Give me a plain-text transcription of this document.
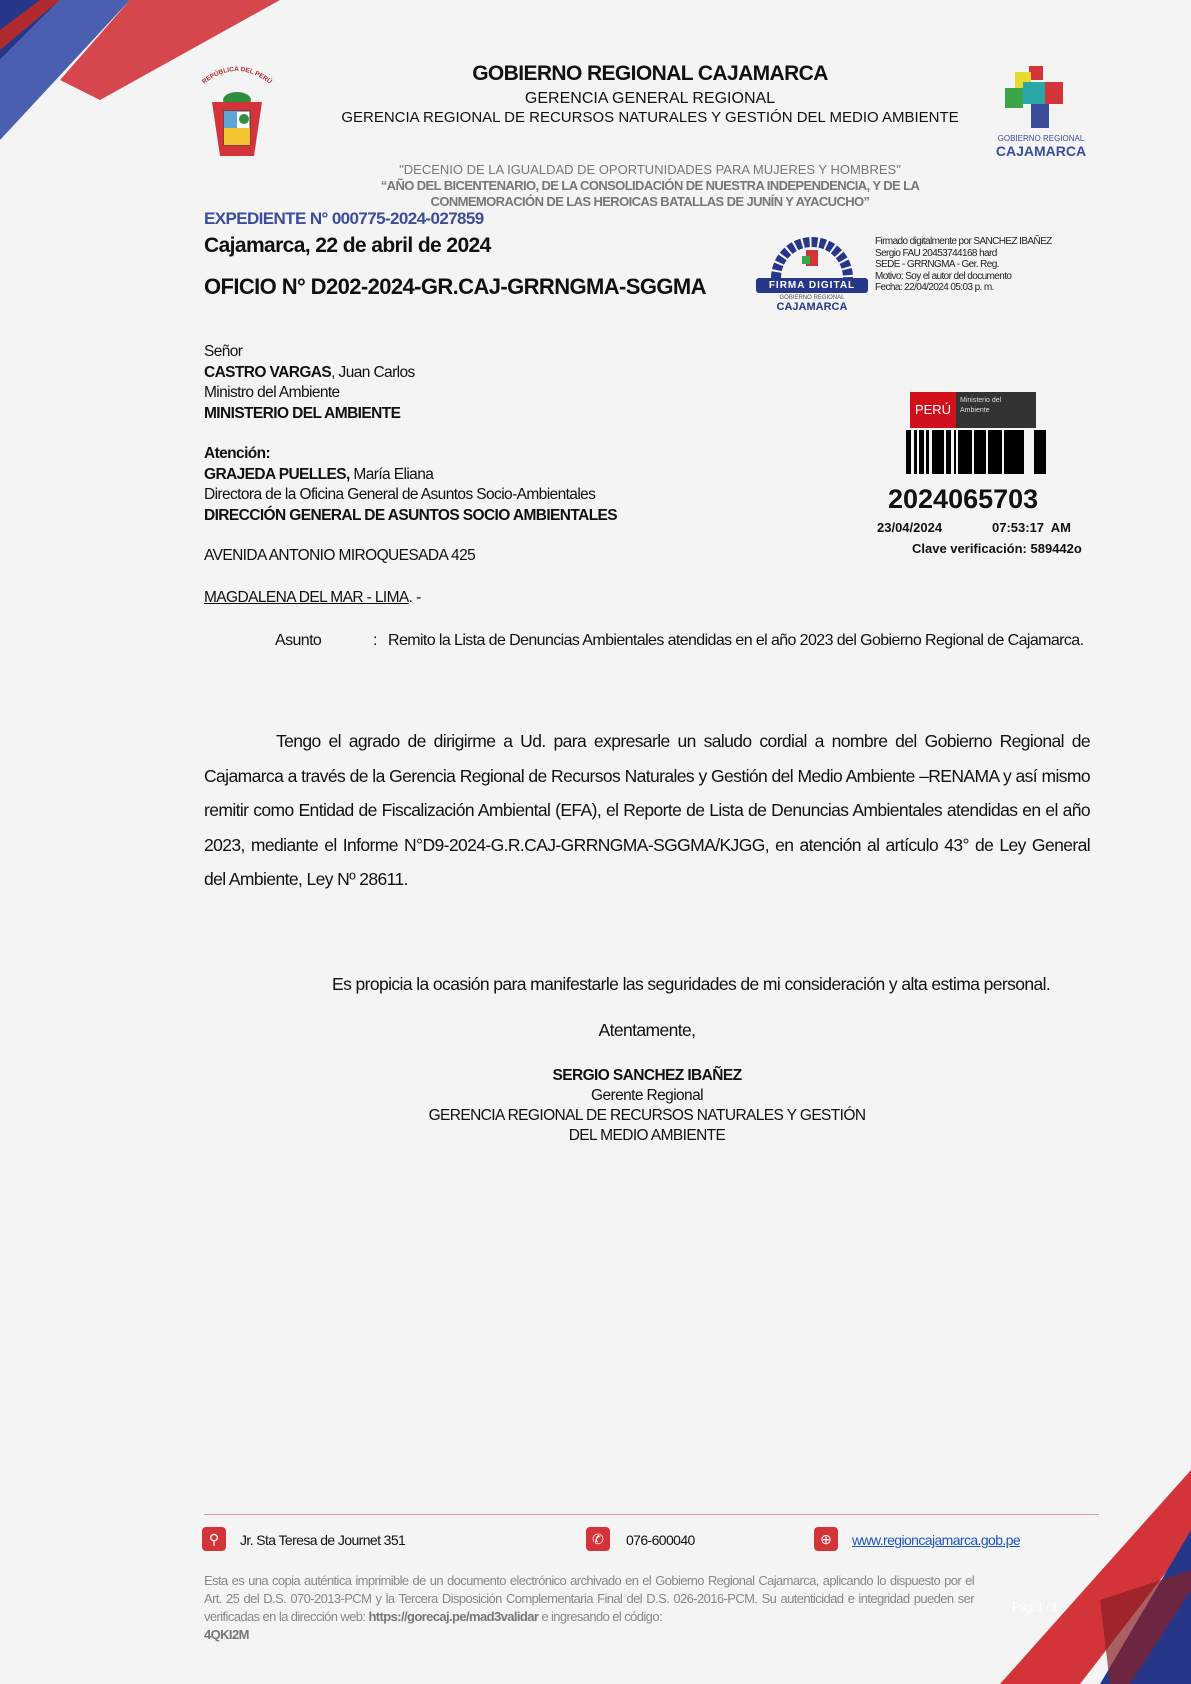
REPÚBLICA DEL PERÚ	GOBIERNO REGIONAL CAJAMARCA
GERENCIA GENERAL REGIONAL
GERENCIA REGIONAL DE RECURSOS NATURALES Y GESTIÓN DEL MEDIO AMBIENTE
GOBIERNO REGIONAL
CAJAMARCA
"DECENIO DE LA IGUALDAD DE OPORTUNIDADES PARA MUJERES Y HOMBRES"
“AÑO DEL BICENTENARIO, DE LA CONSOLIDACIÓN DE NUESTRA INDEPENDENCIA, Y DE LA
CONMEMORACIÓN DE LAS HEROICAS BATALLAS DE JUNÍN Y AYACUCHO”
EXPEDIENTE N° 000775-2024-027859
Cajamarca, 22 de abril de 2024
OFICIO N° D202-2024-GR.CAJ-GRRNGMA-SGGMA	FIRMA DIGITAL
GOBIERNO REGIONAL
CAJAMARCA
Firmado digitalmente por SANCHEZ IBAÑEZ
Sergio FAU 20453744168 hard
SEDE - GRRNGMA - Ger. Reg.
Motivo: Soy el autor del documento
Fecha: 22/04/2024 05:03 p. m.
Señor
CASTRO VARGAS, Juan Carlos
Ministro del Ambiente
MINISTERIO DEL AMBIENTE
Atención:
GRAJEDA PUELLES, María Eliana
Directora de la Oficina General de Asuntos Socio-Ambientales
DIRECCIÓN GENERAL DE ASUNTOS SOCIO AMBIENTALES
AVENIDA ANTONIO MIROQUESADA 425
MAGDALENA DEL MAR - LIMA. -
PERÚ
Ministerio del Ambiente
2024065703
23/04/2024	07:53:17  AM
Clave verificación: 589442o
Asunto	: Remito la Lista de Denuncias Ambientales atendidas en el año 2023 del Gobierno Regional de Cajamarca.
Tengo el agrado de dirigirme a Ud. para expresarle un saludo cordial a nombre del Gobierno Regional de Cajamarca a través de la Gerencia Regional de Recursos Naturales y Gestión del Medio Ambiente –RENAMA y así mismo remitir como Entidad de Fiscalización Ambiental (EFA), el Reporte de Lista de Denuncias Ambientales atendidas en el año 2023, mediante el Informe N°D9-2024-G.R.CAJ-GRRNGMA-SGGMA/KJGG, en atención al artículo 43° de Ley General del Ambiente, Ley Nº 28611.
Es propicia la ocasión para manifestarle las seguridades de mi consideración y alta estima personal.
Atentamente,
SERGIO SANCHEZ IBAÑEZ
Gerente Regional
GERENCIA REGIONAL DE RECURSOS NATURALES Y GESTIÓN
DEL MEDIO AMBIENTE
⚲	Jr. Sta Teresa de Journet 351	✆	076-600040	⊕	www.regioncajamarca.gob.pe
Esta es una copia auténtica imprimible de un documento electrónico archivado en el Gobierno Regional Cajamarca, aplicando lo dispuesto por el Art. 25 del D.S. 070-2013-PCM y la Tercera Disposición Complementaria Final del D.S. 026-2016-PCM. Su autenticidad e integridad pueden ser verificadas en la dirección web: https://gorecaj.pe/mad3validar e ingresando el código:
4QKI2M
Pág. 1 / 1
